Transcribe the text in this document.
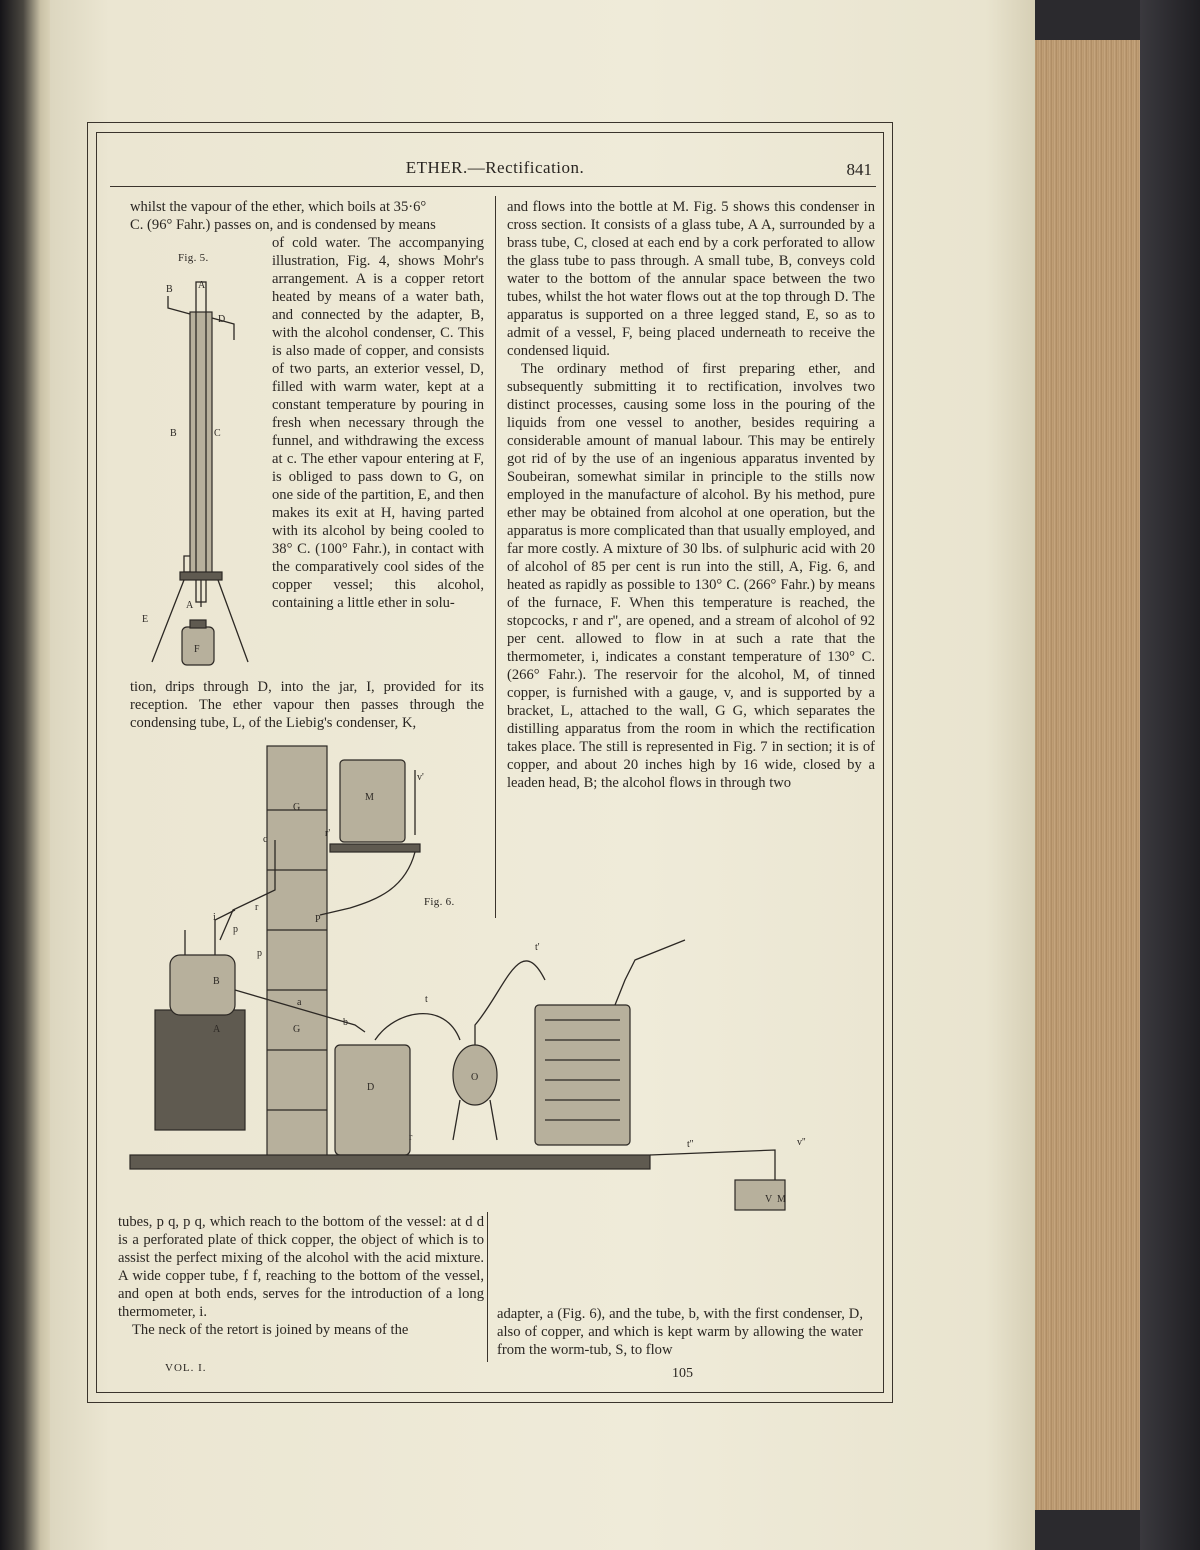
ETHER.—Rectification.	841

whilst the vapour of the ether, which boils at 35·6°

C. (96° Fahr.) passes on, and is condensed by means

Fig. 5.
B	A
D
B	C
E
A
F

of cold water. The accompanying illustration, Fig. 4, shows Mohr's arrangement. A is a copper retort heated by means of a water bath, and connected by the adapter, B, with the alcohol condenser, C. This is also made of copper, and consists of two parts, an exterior vessel, D, filled with warm water, kept at a constant temperature by pouring in fresh when necessary through the funnel, and withdrawing the excess at c. The ether vapour entering at F, is obliged to pass down to G, on one side of the partition, E, and then makes its exit at H, having parted with its alcohol by being cooled to 38° C. (100° Fahr.), in contact with the comparatively cool sides of the copper vessel; this alcohol, containing a little ether in solu-

tion, drips through D, into the jar, I, provided for its reception. The ether vapour then passes through the condensing tube, L, of the Liebig's condenser, K,

and flows into the bottle at M. Fig. 5 shows this condenser in cross section. It consists of a glass tube, A A, surrounded by a brass tube, C, closed at each end by a cork perforated to allow the glass tube to pass through. A small tube, B, conveys cold water to the bottom of the annular space between the two tubes, whilst the hot water flows out at the top through D. The apparatus is supported on a three legged stand, E, so as to admit of a vessel, F, being placed underneath to receive the condensed liquid.

The ordinary method of first preparing ether, and subsequently submitting it to rectification, involves two distinct processes, causing some loss in the pouring of the liquids from one vessel to another, besides requiring a considerable amount of manual labour. This may be entirely got rid of by the use of an ingenious apparatus invented by Soubeiran, somewhat similar in principle to the stills now employed in the manufacture of alcohol. By his method, pure ether may be obtained from alcohol at one operation, but the apparatus is more complicated than that usually employed, and far more costly. A mixture of 30 lbs. of sulphuric acid with 20 of alcohol of 85 per cent is run into the still, A, Fig. 6, and heated as rapidly as possible to 130° C. (266° Fahr.) by means of the furnace, F. When this temperature is reached, the stopcocks, r and r'', are opened, and a stream of alcohol of 92 per cent. allowed to flow in at such a rate that the thermometer, i, indicates a constant temperature of 130° C. (266° Fahr.). The reservoir for the alcohol, M, of tinned copper, is furnished with a gauge, v, and is supported by a bracket, L, attached to the wall, G G, which separates the distilling apparatus from the room in which the rectification takes place. The still is represented in Fig. 7 in section; it is of copper, and about 20 inches high by 16 wide, closed by a leaden head, B; the alcohol flows in through two

Fig. 6.
G
M
v'
c
r'
r
p
P
i
p
B
a
A
b
G
t
t'
D
r
O
t''	v''
V M

tubes, p q, p q, which reach to the bottom of the vessel: at d d is a perforated plate of thick copper, the object of which is to assist the perfect mixing of the alcohol with the acid mixture. A wide copper tube, f f, reaching to the bottom of the vessel, and open at both ends, serves for the introduction of a long thermometer, i.

The neck of the retort is joined by means of the

adapter, a (Fig. 6), and the tube, b, with the first condenser, D, also of copper, and which is kept warm by allowing the water from the worm-tub, S, to flow

VOL. I.	105
